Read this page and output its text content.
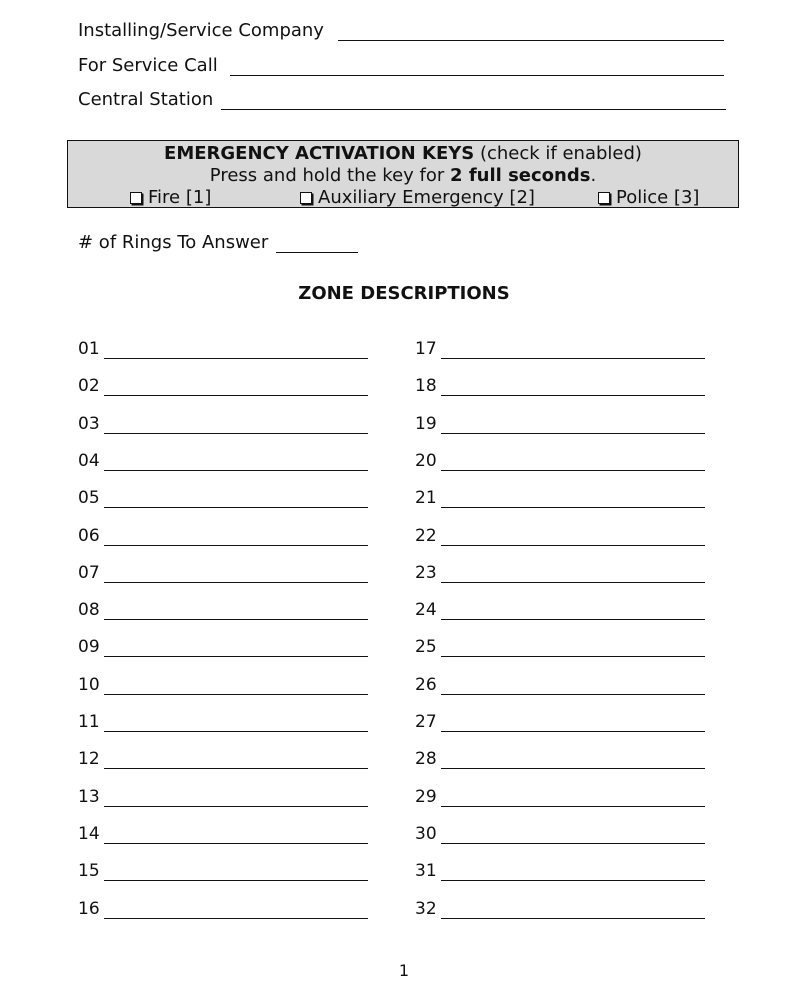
Installing/Service Company
For Service Call
Central Station
EMERGENCY ACTIVATION KEYS (check if enabled)
Press and hold the key for 2 full seconds.
Fire [1]	Auxiliary Emergency [2]	Police [3]
# of Rings To Answer
ZONE DESCRIPTIONS
01
02
03
04
05
06
07
08
09
10
11
12
13
14
15
16
17
18
19
20
21
22
23
24
25
26
27
28
29
30
31
32
1
